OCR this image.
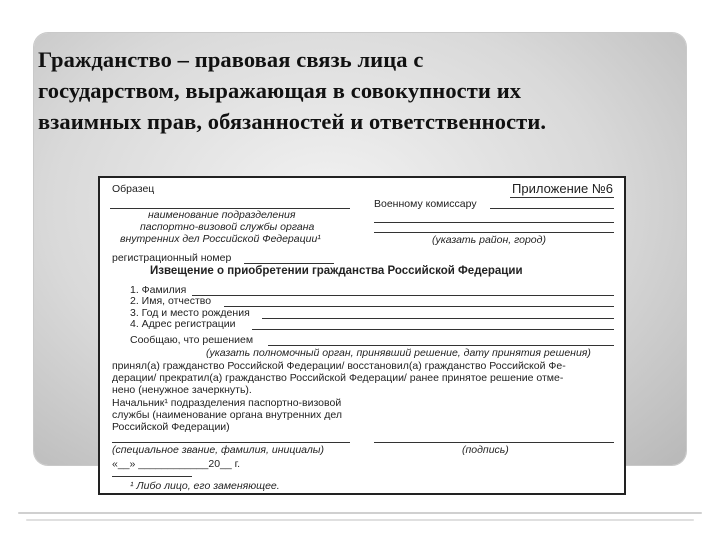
Гражданство – правовая связь лица с
государством, выражающая в совокупности их
взаимных прав, обязанностей и ответственности.
Образец	Приложение №6
наименование подразделения
паспортно-визовой службы органа
внутренних дел Российской Федерации¹
Военному комиссару
(указать район, город)
регистрационный номер
Извещение о приобретении гражданства Российской Федерации
1. Фамилия
2. Имя, отчество
3. Год и место рождения
4. Адрес регистрации
Сообщаю, что решением
(указать полномочный орган, принявший решение, дату принятия решения)
принял(а) гражданство Российской Федерации/ восстановил(а) гражданство Российской Фе-
дерации/ прекратил(а) гражданство Российской Федерации/ ранее принятое решение отме-
нено (ненужное зачеркнуть).
Начальник¹ подразделения паспортно-визовой
службы (наименование органа внутренних дел
Российской Федерации)
(специальное звание, фамилия, инициалы)	(подпись)
«__» ____________20__ г.
¹ Либо лицо, его заменяющее.
